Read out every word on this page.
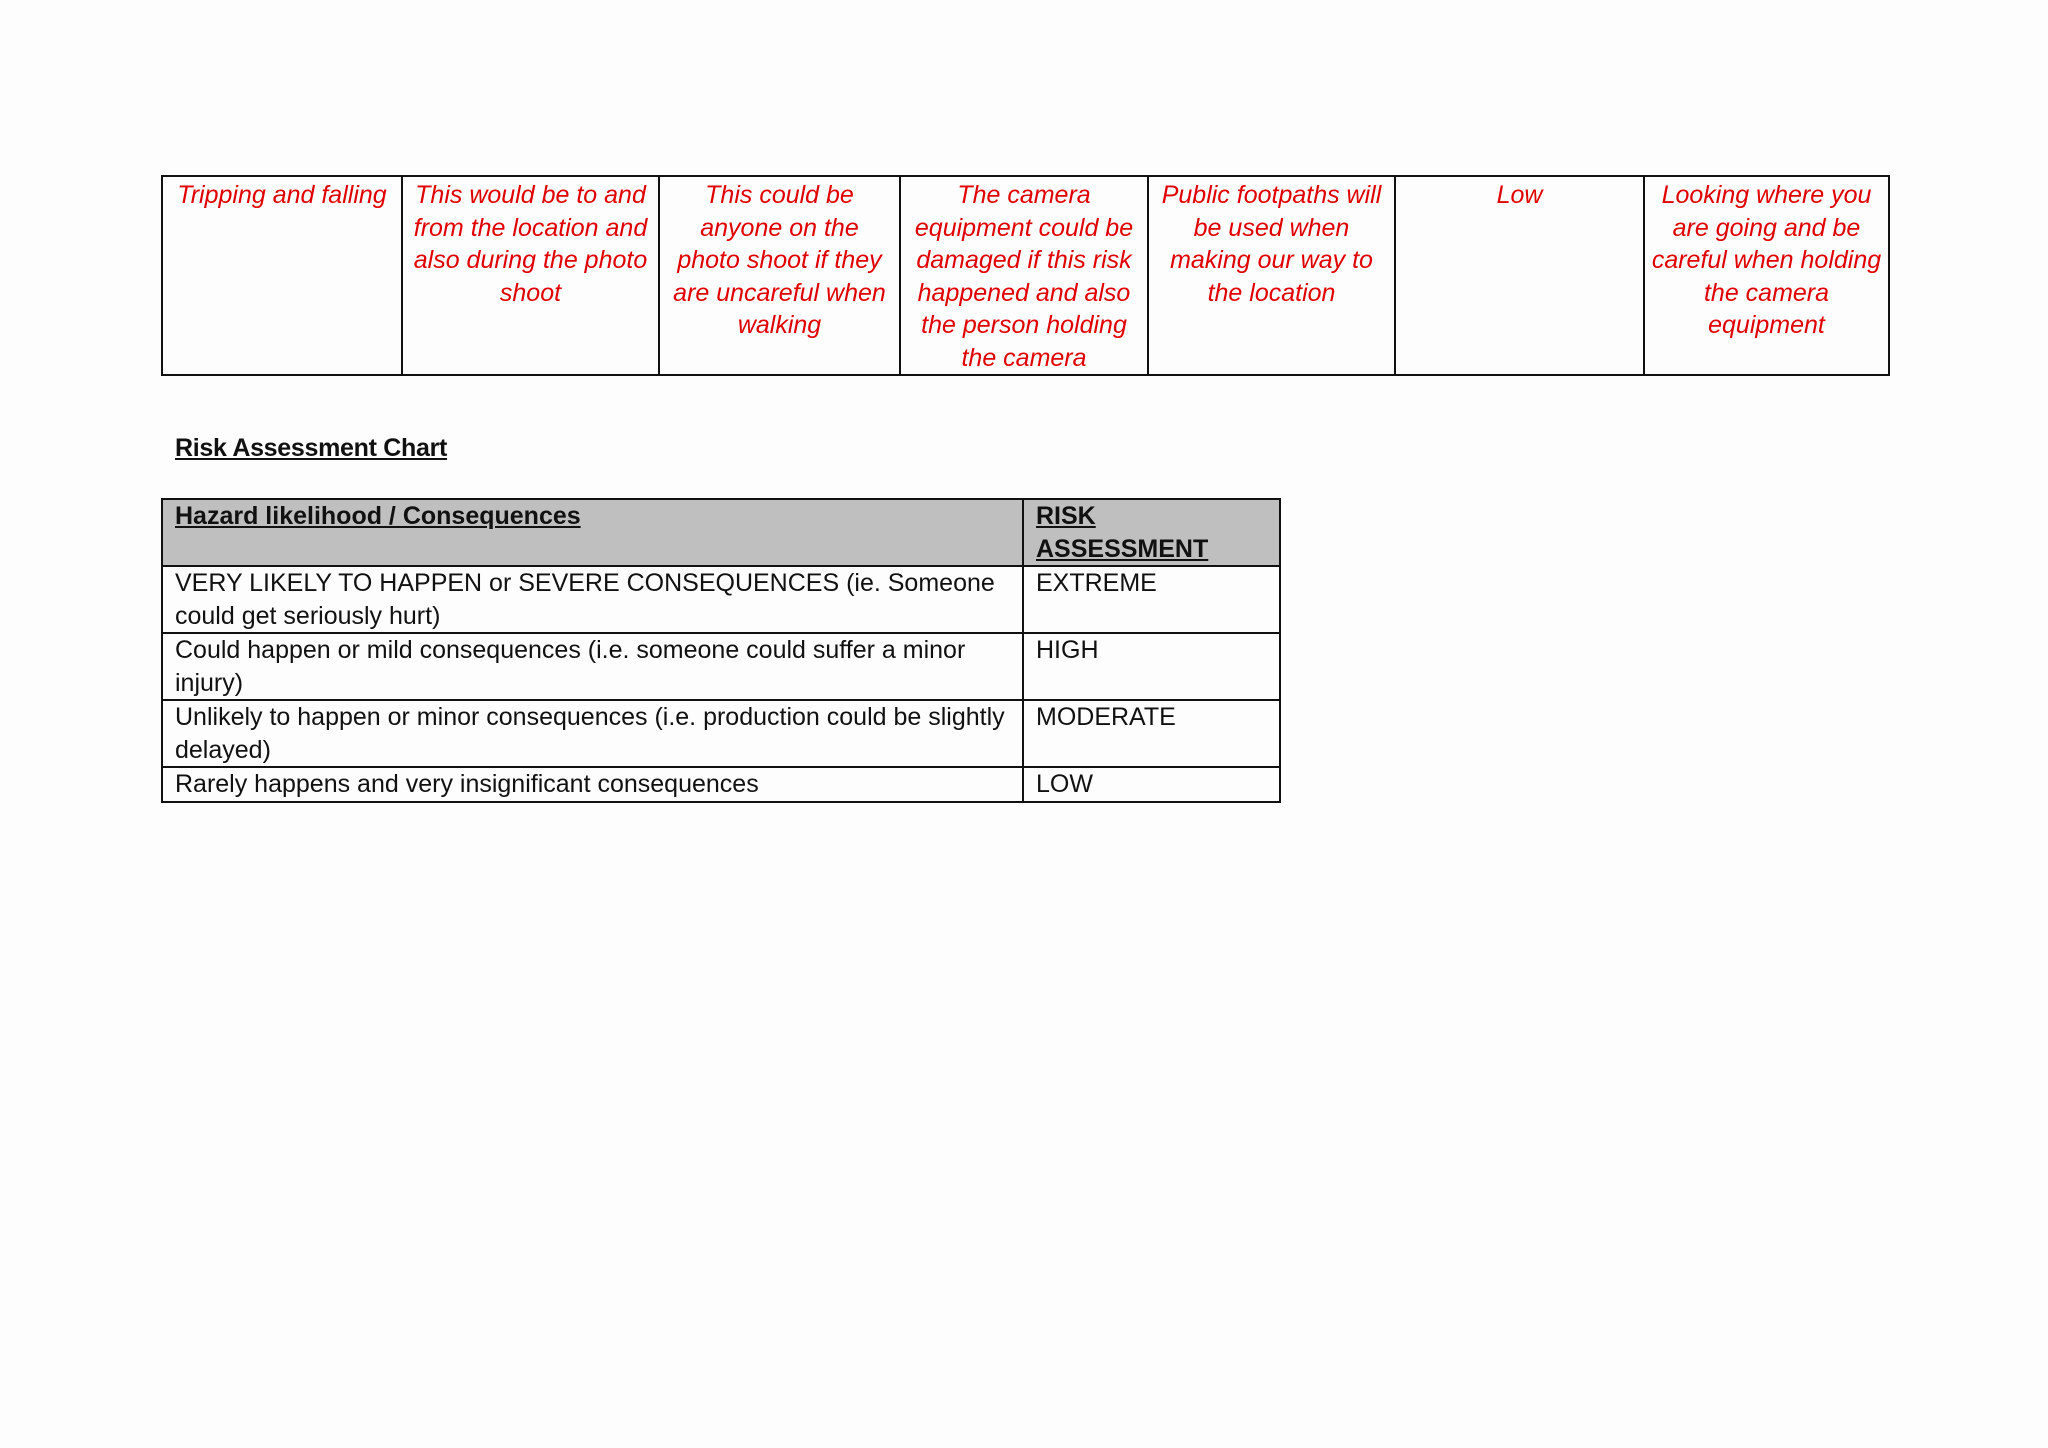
Tripping and falling	This would be to and from the location and also during the photo shoot	This could be anyone on the photo shoot if they are uncareful when walking	The camera equipment could be damaged if this risk happened and also the person holding the camera	Public footpaths will be used when making our way to the location	Low	Looking where you are going and be careful when holding the camera equipment
Risk Assessment Chart
Hazard likelihood / Consequences	RISK ASSESSMENT
VERY LIKELY TO HAPPEN or SEVERE CONSEQUENCES (ie. Someone could get seriously hurt)	EXTREME
Could happen or mild consequences (i.e. someone could suffer a minor injury)	HIGH
Unlikely to happen or minor consequences (i.e. production could be slightly delayed)	MODERATE
Rarely happens and very insignificant consequences	LOW
